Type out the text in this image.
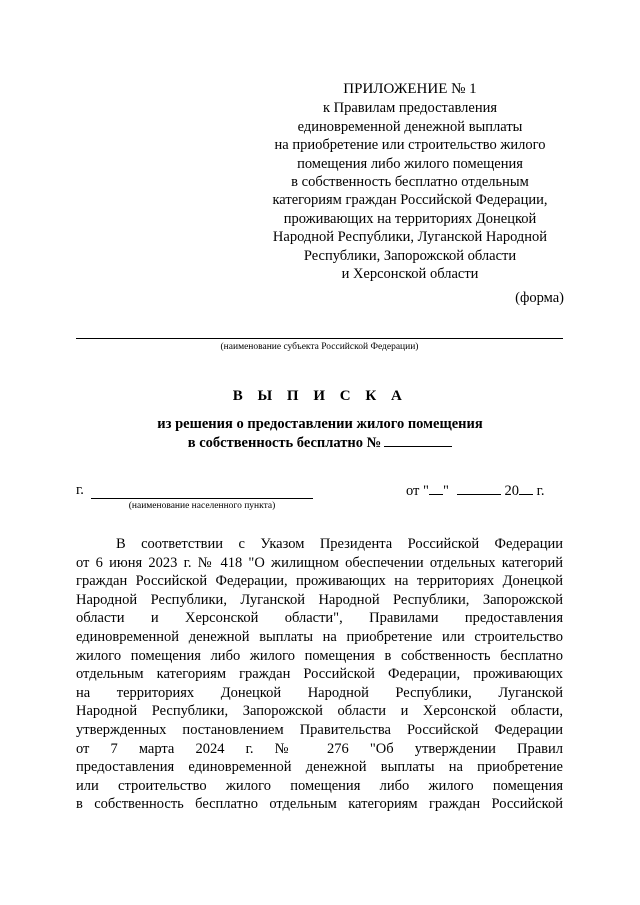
ПРИЛОЖЕНИЕ № 1
к Правилам предоставления
единовременной денежной выплаты
на приобретение или строительство жилого
помещения либо жилого помещения
в собственность бесплатно отдельным
категориям граждан Российской Федерации,
проживающих на территориях Донецкой
Народной Республики, Луганской Народной
Республики, Запорожской области
и Херсонской области
(форма)
(наименование субъекта Российской Федерации)
В Ы П И С К А
из решения о предоставлении жилого помещения
в собственность бесплатно №
г.
(наименование населенного пункта)
от " "	20 г.
В соответствии с Указом Президента Российской Федерации
от 6 июня 2023 г. № 418 "О жилищном обеспечении отдельных категорий
граждан Российской Федерации, проживающих на территориях Донецкой
Народной Республики, Луганской Народной Республики, Запорожской
области и Херсонской области", Правилами предоставления
единовременной денежной выплаты на приобретение или строительство
жилого помещения либо жилого помещения в собственность бесплатно
отдельным категориям граждан Российской Федерации, проживающих
на территориях Донецкой Народной Республики, Луганской
Народной Республики, Запорожской области и Херсонской области,
утвержденных постановлением Правительства Российской Федерации
от 7 марта 2024 г. № 276 "Об утверждении Правил
предоставления единовременной денежной выплаты на приобретение
или строительство жилого помещения либо жилого помещения
в собственность бесплатно отдельным категориям граждан Российской
